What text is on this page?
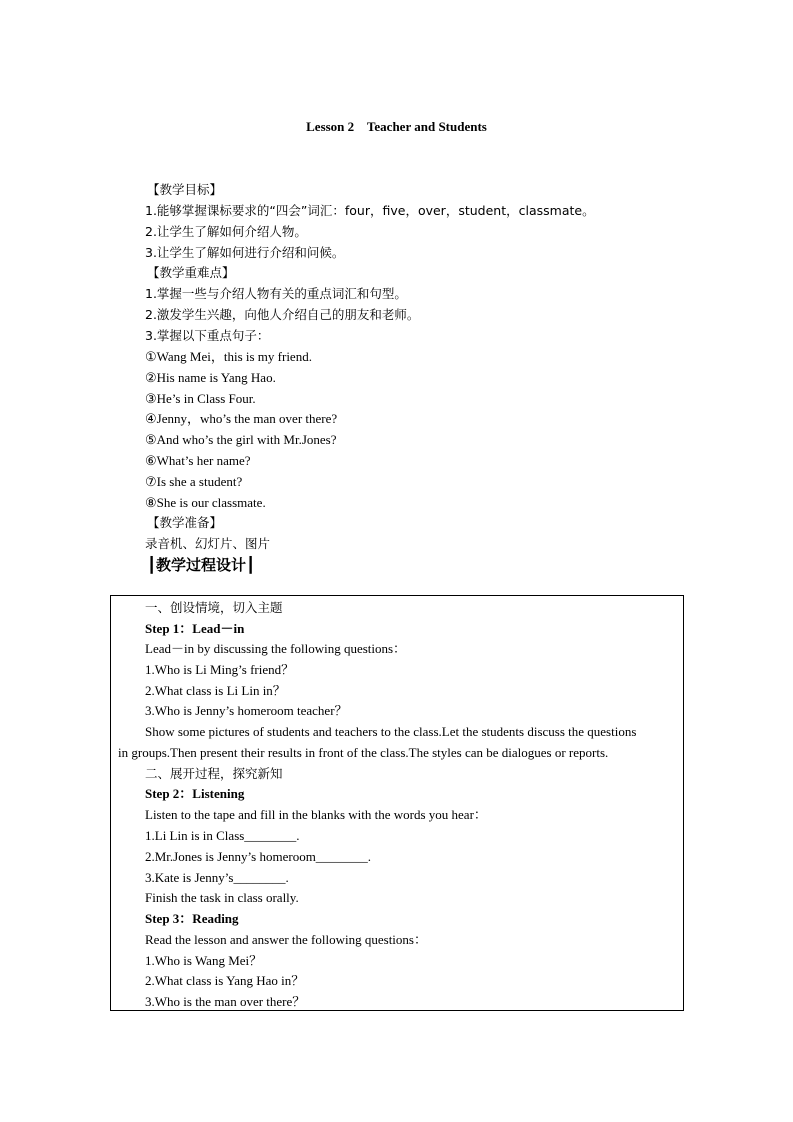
Lesson 2    Teacher and Students
【教学目标】
1.能够掌握课标要求的“四会”词汇：four，five，over，student，classmate。
2.让学生了解如何介绍人物。
3.让学生了解如何进行介绍和问候。
【教学重难点】
1.掌握一些与介绍人物有关的重点词汇和句型。
2.激发学生兴趣，向他人介绍自己的朋友和老师。
3.掌握以下重点句子：
①Wang Mei，this is my friend.
②His name is Yang Hao.
③He’s in Class Four.
④Jenny，who’s the man over there?
⑤And who’s the girl with Mr.Jones?
⑥What’s her name?
⑦Is she a student?
⑧She is our classmate.
【教学准备】
录音机、幻灯片、图片
┃教学过程设计┃
一、创设情境，切入主题
Step 1：Lead－in
Lead－in by discussing the following questions：
1.Who is Li Ming’s friend？
2.What class is Li Lin in？
3.Who is Jenny’s homeroom teacher？
Show some pictures of students and teachers to the class.Let the students discuss the questions
in groups.Then present their results in front of the class.The styles can be dialogues or reports.
二、展开过程，探究新知
Step 2：Listening
Listen to the tape and fill in the blanks with the words you hear：
1.Li Lin is in Class________.
2.Mr.Jones is Jenny’s homeroom________.
3.Kate is Jenny’s________.
Finish the task in class orally.
Step 3：Reading
Read the lesson and answer the following questions：
1.Who is Wang Mei？
2.What class is Yang Hao in？
3.Who is the man over there？
